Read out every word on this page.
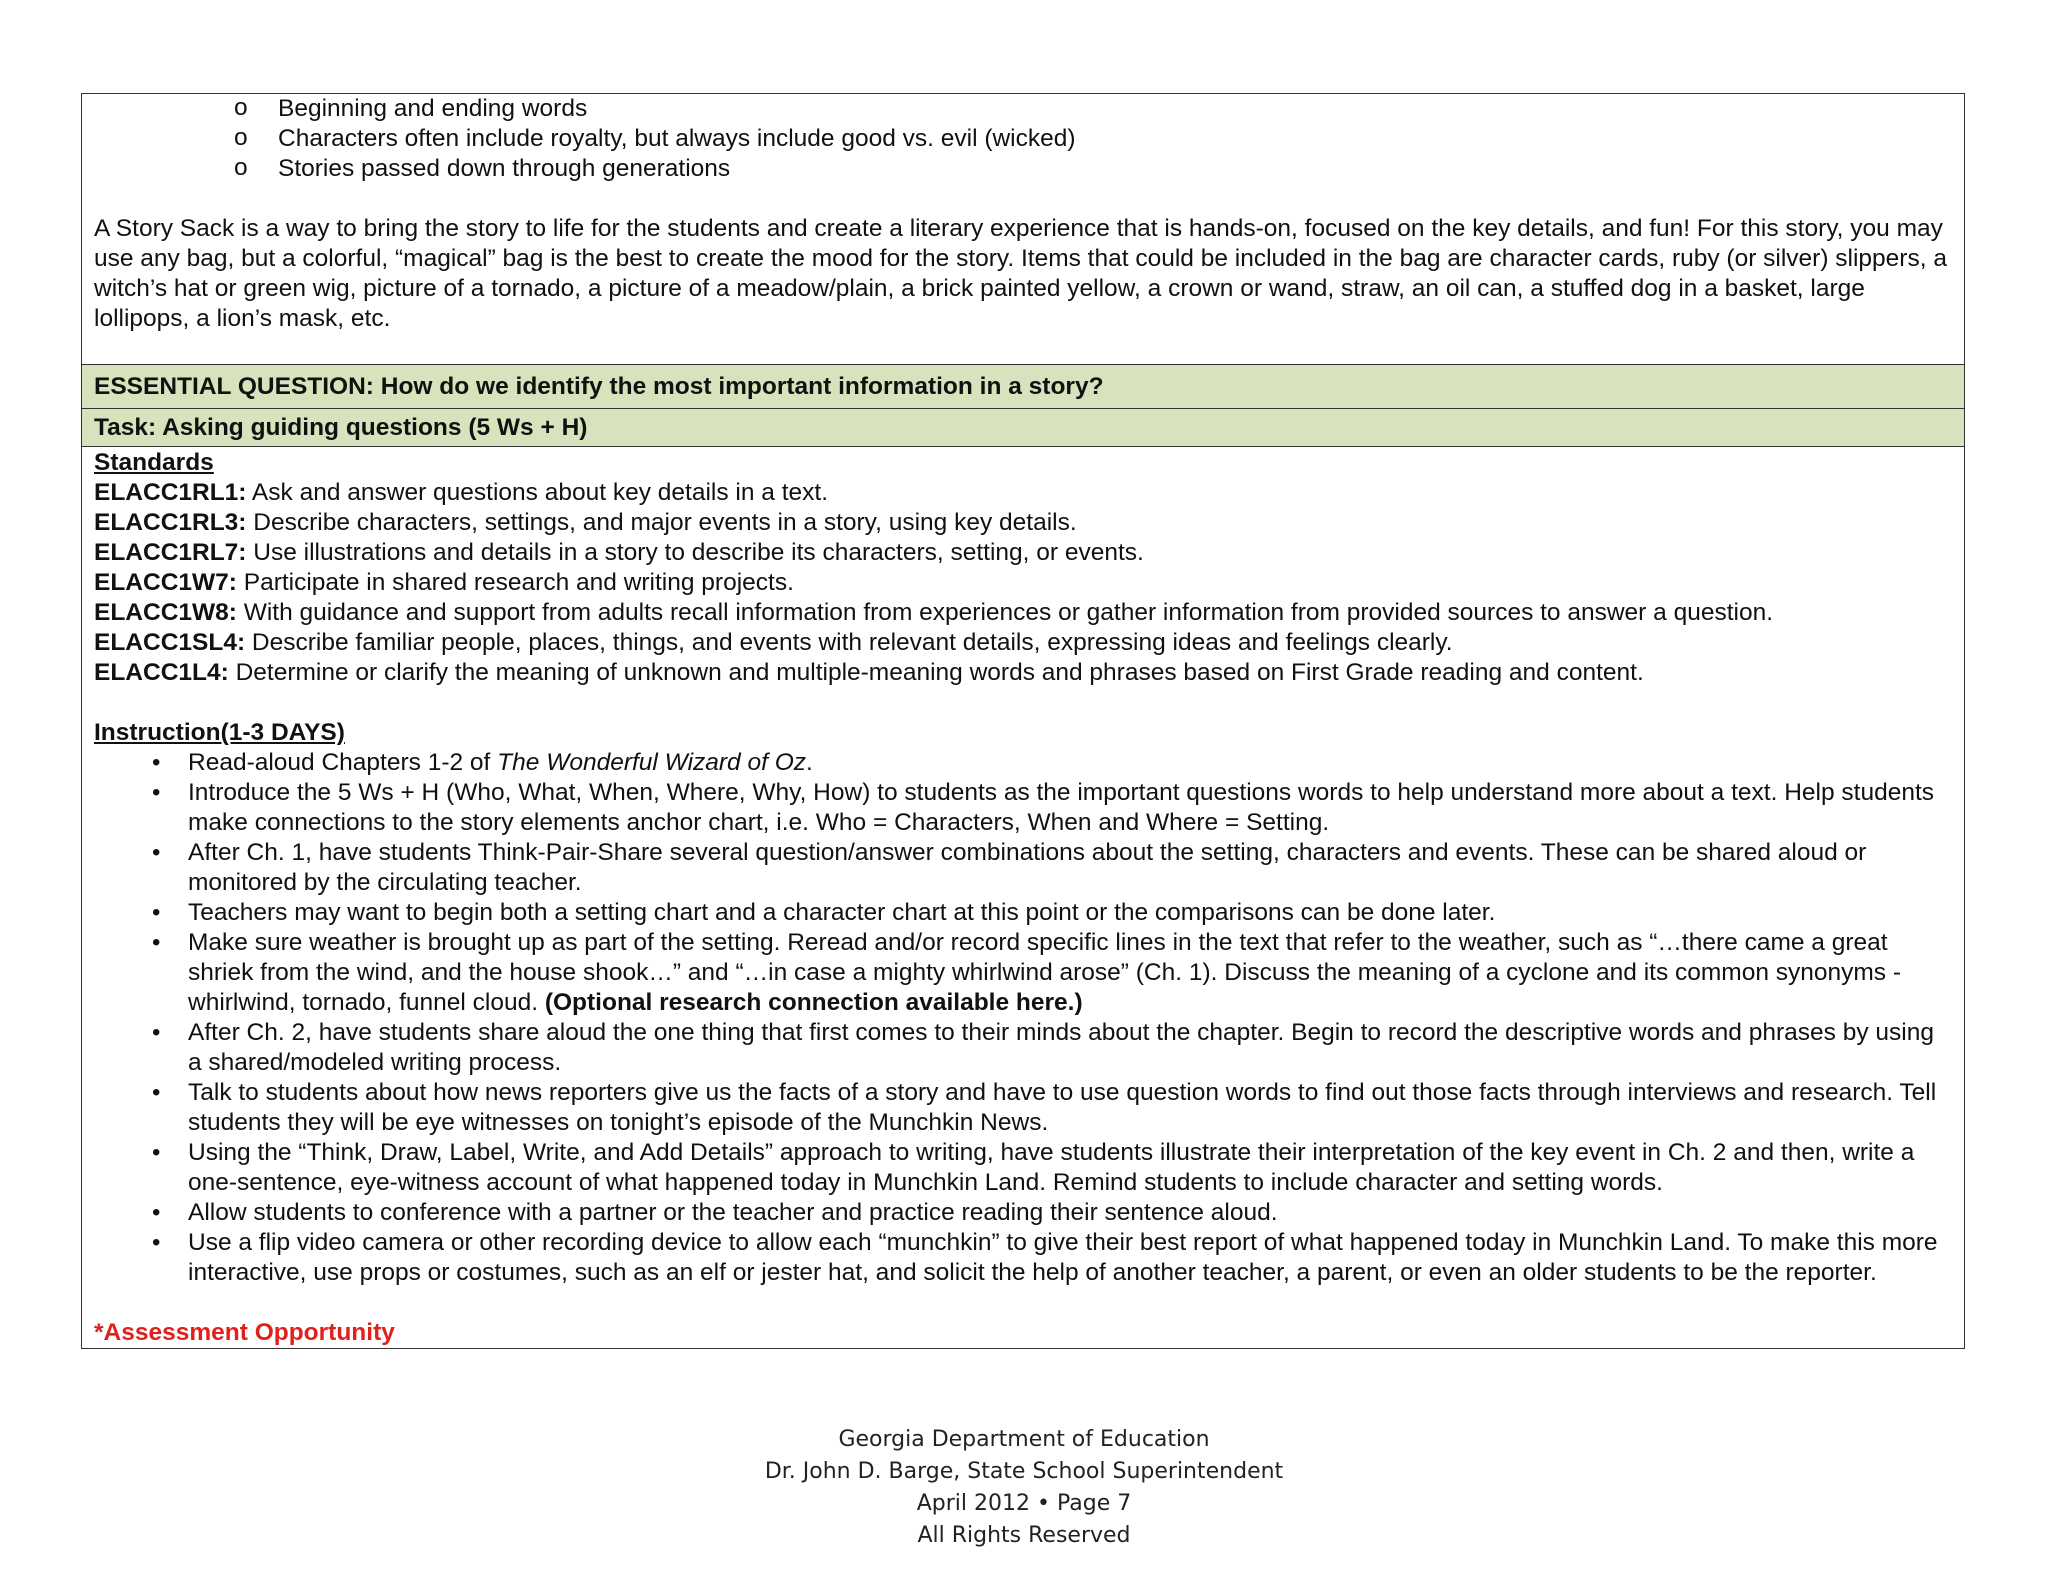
o Beginning and ending words
o Characters often include royalty, but always include good vs. evil (wicked)
o Stories passed down through generations

A Story Sack is a way to bring the story to life for the students and create a literary experience that is hands-on, focused on the key details, and fun! For this story, you may use any bag, but a colorful, “magical” bag is the best to create the mood for the story. Items that could be included in the bag are character cards, ruby (or silver) slippers, a witch’s hat or green wig, picture of a tornado, a picture of a meadow/plain, a brick painted yellow, a crown or wand, straw, an oil can, a stuffed dog in a basket, large lollipops, a lion’s mask, etc.

ESSENTIAL QUESTION: How do we identify the most important information in a story?
Task: Asking guiding questions (5 Ws + H)
Standards
ELACC1RL1: Ask and answer questions about key details in a text.
ELACC1RL3: Describe characters, settings, and major events in a story, using key details.
ELACC1RL7: Use illustrations and details in a story to describe its characters, setting, or events.
ELACC1W7: Participate in shared research and writing projects.
ELACC1W8: With guidance and support from adults recall information from experiences or gather information from provided sources to answer a question.
ELACC1SL4: Describe familiar people, places, things, and events with relevant details, expressing ideas and feelings clearly.
ELACC1L4: Determine or clarify the meaning of unknown and multiple-meaning words and phrases based on First Grade reading and content.
Instruction(1-3 DAYS)
• Read-aloud Chapters 1-2 of The Wonderful Wizard of Oz.
• Introduce the 5 Ws + H (Who, What, When, Where, Why, How) to students as the important questions words to help understand more about a text. Help students make connections to the story elements anchor chart, i.e. Who = Characters, When and Where = Setting.
• After Ch. 1, have students Think-Pair-Share several question/answer combinations about the setting, characters and events. These can be shared aloud or monitored by the circulating teacher.
• Teachers may want to begin both a setting chart and a character chart at this point or the comparisons can be done later.
• Make sure weather is brought up as part of the setting. Reread and/or record specific lines in the text that refer to the weather, such as “…there came a great shriek from the wind, and the house shook…” and “…in case a mighty whirlwind arose” (Ch. 1). Discuss the meaning of a cyclone and its common synonyms - whirlwind, tornado, funnel cloud. (Optional research connection available here.)
• After Ch. 2, have students share aloud the one thing that first comes to their minds about the chapter. Begin to record the descriptive words and phrases by using a shared/modeled writing process.
• Talk to students about how news reporters give us the facts of a story and have to use question words to find out those facts through interviews and research. Tell students they will be eye witnesses on tonight’s episode of the Munchkin News.
• Using the “Think, Draw, Label, Write, and Add Details” approach to writing, have students illustrate their interpretation of the key event in Ch. 2 and then, write a one-sentence, eye-witness account of what happened today in Munchkin Land. Remind students to include character and setting words.
• Allow students to conference with a partner or the teacher and practice reading their sentence aloud.
• Use a flip video camera or other recording device to allow each “munchkin” to give their best report of what happened today in Munchkin Land. To make this more interactive, use props or costumes, such as an elf or jester hat, and solicit the help of another teacher, a parent, or even an older students to be the reporter.
*Assessment Opportunity
Georgia Department of Education
Dr. John D. Barge, State School Superintendent
April 2012 • Page 7
All Rights Reserved
